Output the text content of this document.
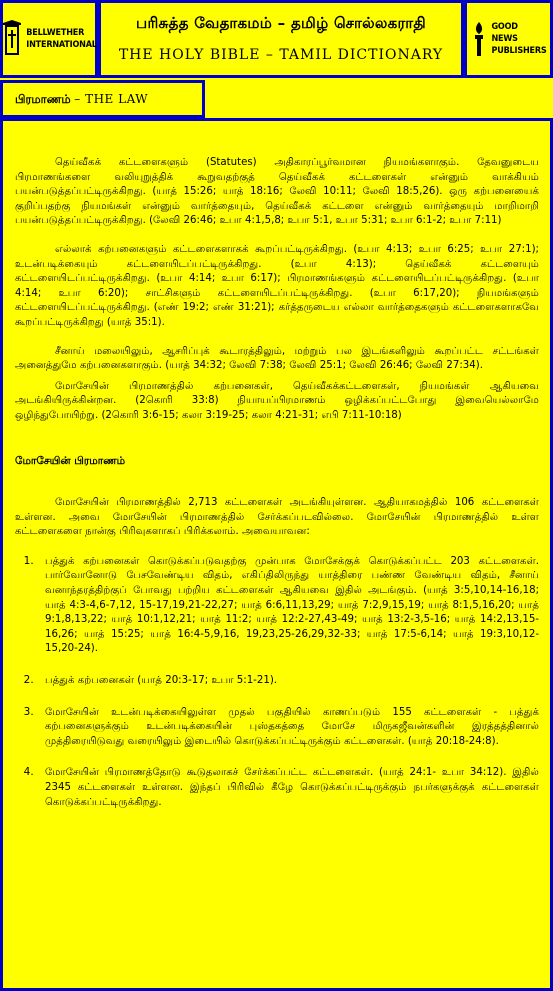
BELLWETHER
INTERNATIONAL
பரிசுத்த வேதாகமம் – தமிழ் சொல்லகராதி
THE HOLY BIBLE – TAMIL DICTIONARY
GOOD NEWS
PUBLISHERS
பிரமாணம் – THE LAW

தெய்வீகக் கட்டளைகளும் (Statutes) அதிகாரப்பூர்வமான நியமங்களாகும். தேவனுடைய பிரமாணங்களை வலியுறுத்திக் கூறுவதற்குத் தெய்வீகக் கட்டளைகள் என்னும் வாக்கியம் பயன்படுத்தப்பட்டிருக்கிறது. (யாத் 15:26; யாத் 18:16; லேவி 10:11; லேவி 18:5,26). ஒரு கற்பனையைக் குறிப்பதற்கு நியமங்கள் என்னும் வார்த்தையும், தெய்வீகக் கட்டளை என்னும் வார்த்தையும் மாறிமாறி பயன்படுத்தப்பட்டிருக்கிறது. (லேவி 26:46; உபா 4:1,5,8; உபா 5:1, உபா 5:31; உபா 6:1-2; உபா 7:11)

எல்லாக் கற்பனைகளும் கட்டளைகளாகக் கூறப்பட்டிருக்கிறது. (உபா 4:13; உபா 6:25; உபா 27:1); உடன்படிக்கையும் கட்டளையிடப்பட்டிருக்கிறது. (உபா 4:13); தெய்வீகக் கட்டளையும் கட்டளையிடப்பட்டிருக்கிறது. (உபா 4:14; உபா 6:17); பிரமாணங்களும் கட்டளையிடப்பட்டிருக்கிறது. (உபா 4:14; உபா 6:20); சாட்சிகளும் கட்டளையிடப்பட்டிருக்கிறது. (உபா 6:17,20); நியமங்களும் கட்டளையிடப்பட்டிருக்கிறது. (எண் 19:2; எண் 31:21); கர்த்தருடைய எல்லா வார்த்தைகளும் கட்டளைகளாகவே கூறப்பட்டிருக்கிறது (யாத் 35:1).

சீனாய் மலையிலும், ஆசரிப்புக் கூடாரத்திலும், மற்றும் பல இடங்களிலும் கூறப்பட்ட சட்டங்கள் அனைத்துமே கற்பனைகளாகும். (யாத் 34:32; லேவி 7:38; லேவி 25:1; லேவி 26:46; லேவி 27:34).

மோசேயின் பிரமாணத்தில் கற்பனைகள், தெய்வீகக்கட்டளைகள், நியமங்கள் ஆகியவை அடங்கியிருக்கின்றன. (2கொரி 33:8) நியாயப்பிரமாணம் ஒழிக்கப்பட்டபோது இவையெல்லாமே ஒழிந்துபோயிற்று. (2கொரி 3:6-15; கலா 3:19-25; கலா 4:21-31; எபி 7:11-10:18)

மோசேயின் பிரமாணம்

மோசேயின் பிரமாணத்தில் 2,713 கட்டளைகள் அடங்கியுள்ளன. ஆதியாகமத்தில் 106 கட்டளைகள் உள்ளன. அவை மோசேயின் பிரமாணத்தில் சேர்க்கப்படவில்லை. மோசேயின் பிரமாணத்தில் உள்ள கட்டளைகளை நான்கு பிரிவுகளாகப் பிரிக்கலாம். அவையாவன:

1. பத்துக் கற்பனைகள் கொடுக்கப்படுவதற்கு முன்பாக மோசேக்குக் கொடுக்கப்பட்ட 203 கட்டளைகள். பார்வோனோடு பேசவேண்டிய விதம், எகிப்திலிருந்து யாத்திரை பண்ண வேண்டிய விதம், சீனாய் வனாந்தரத்திற்குப் போவது பற்றிய கட்டளைகள் ஆகியவை இதில் அடங்கும். (யாத் 3:5,10,14-16,18; யாத் 4:3-4,6-7,12, 15-17,19,21-22,27; யாத் 6:6,11,13,29; யாத் 7:2,9,15,19; யாத் 8:1,5,16,20; யாத் 9:1,8,13,22; யாத் 10:1,12,21; யாத் 11:2; யாத் 12:2-27,43-49; யாத் 13:2-3,5-16; யாத் 14:2,13,15-16,26; யாத் 15:25; யாத் 16:4-5,9,16, 19,23,25-26,29,32-33; யாத் 17:5-6,14; யாத் 19:3,10,12-15,20-24).
2. பத்துக் கற்பனைகள் (யாத் 20:3-17; உபா 5:1-21).
3. மோசேயின் உடன்படிக்கையிலுள்ள முதல் பகுதியில் காணப்படும் 155 கட்டளைகள் - பத்துக் கற்பனைகளுக்கும் உடன்படிக்கையின் புஸ்தகத்தை மோசே மிருகஜீவன்களின் இரத்தத்தினால் முத்திரையிடுவது வரையிலும் இடையில் கொடுக்கப்பட்டிருக்கும் கட்டளைகள். (யாத் 20:18-24:8).
4. மோசேயின் பிரமாணத்தோடு கூடுதலாகச் சேர்க்கப்பட்ட கட்டளைகள். (யாத் 24:1- உபா 34:12). இதில் 2345 கட்டளைகள் உள்ளன. இந்தப் பிரிவில் கீழே கொடுக்கப்பட்டிருக்கும் நபர்களுக்குக் கட்டளைகள் கொடுக்கப்பட்டிருக்கிறது.
